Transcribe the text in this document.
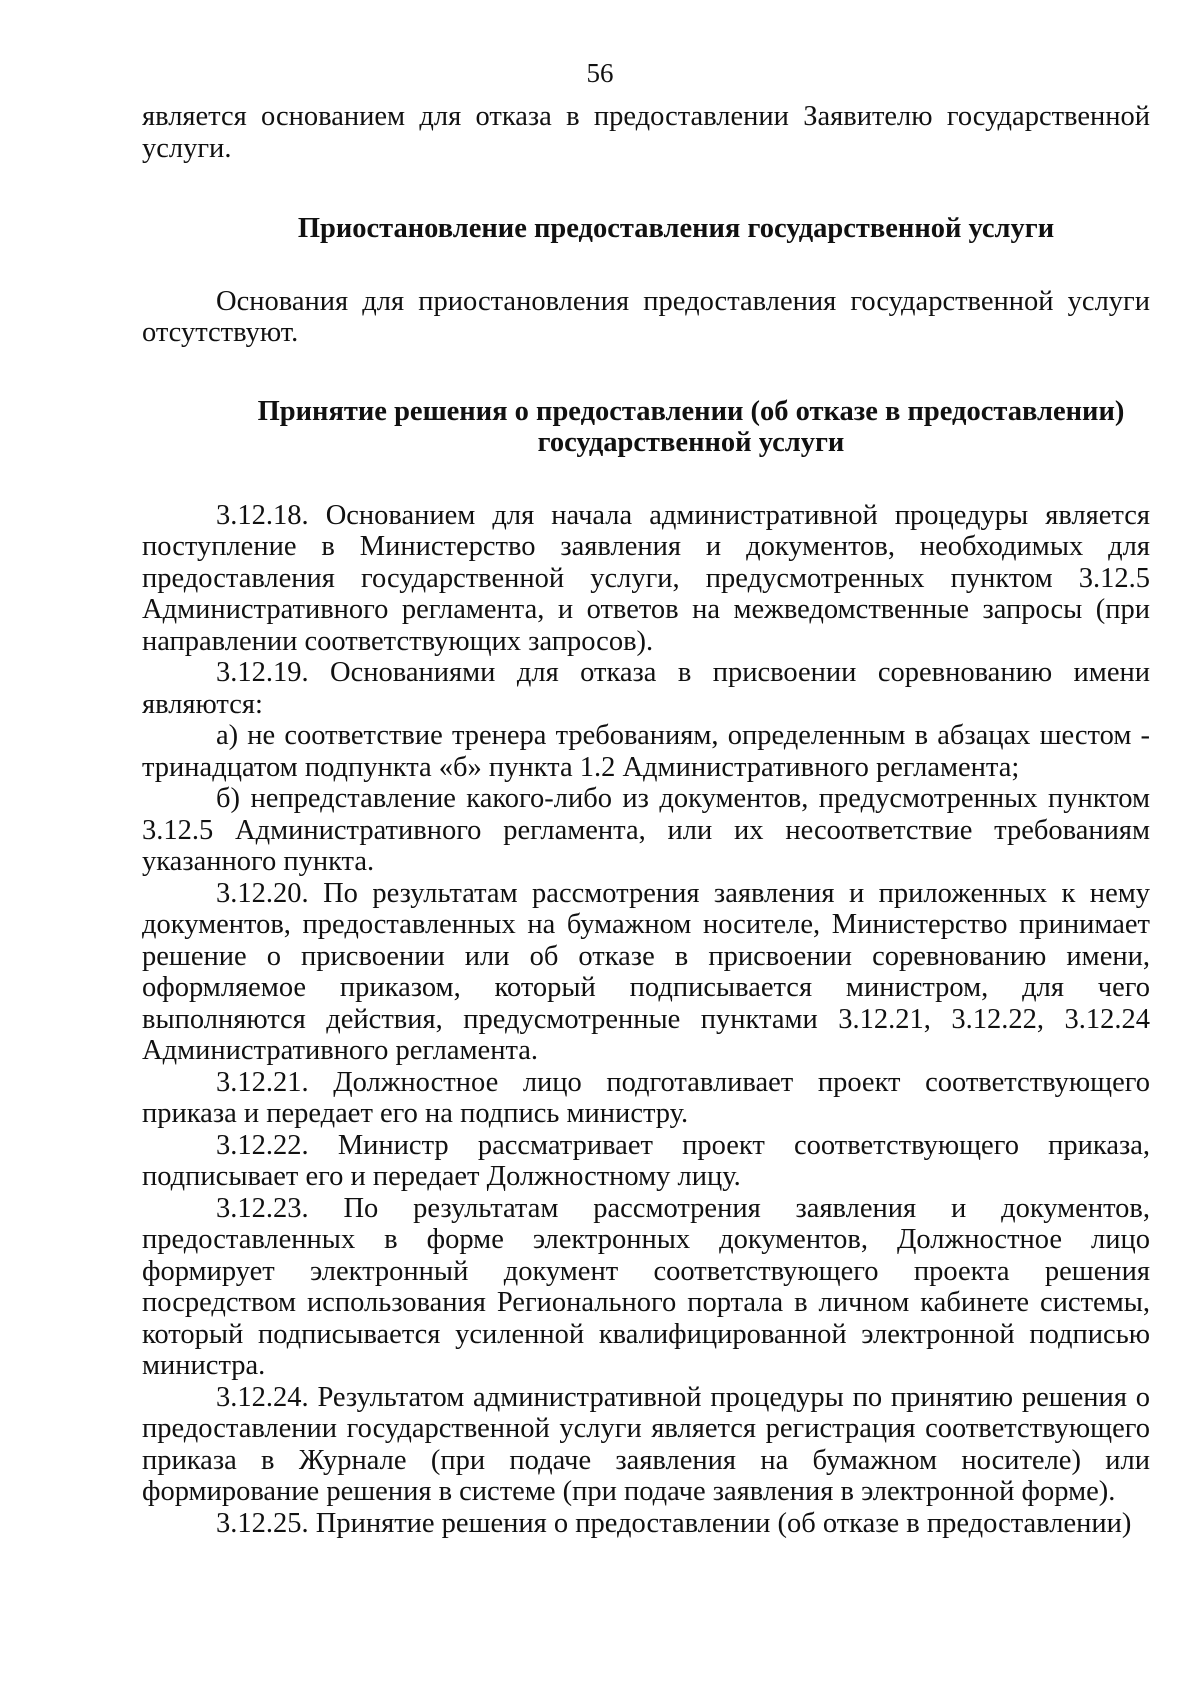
56

является основанием для отказа в предоставлении Заявителю государственной услуги.

Приостановление предоставления государственной услуги

Основания для приостановления предоставления государственной услуги отсутствуют.

Принятие решения о предоставлении (об отказе в предоставлении)
государственной услуги

3.12.18. Основанием для начала административной процедуры является поступление в Министерство заявления и документов, необходимых для предоставления государственной услуги, предусмотренных пунктом 3.12.5 Административного регламента, и ответов на межведомственные запросы (при направлении соответствующих запросов).

3.12.19. Основаниями для отказа в присвоении соревнованию имени являются:

а) не соответствие тренера требованиям, определенным в абзацах шестом - тринадцатом подпункта «б» пункта 1.2 Административного регламента;

б) непредставление какого-либо из документов, предусмотренных пунктом 3.12.5 Административного регламента, или их несоответствие требованиям указанного пункта.

3.12.20. По результатам рассмотрения заявления и приложенных к нему документов, предоставленных на бумажном носителе, Министерство принимает решение о присвоении или об отказе в присвоении соревнованию имени, оформляемое приказом, который подписывается министром, для чего выполняются действия, предусмотренные пунктами 3.12.21, 3.12.22, 3.12.24 Административного регламента.

3.12.21. Должностное лицо подготавливает проект соответствующего приказа и передает его на подпись министру.

3.12.22. Министр рассматривает проект соответствующего приказа, подписывает его и передает Должностному лицу.

3.12.23. По результатам рассмотрения заявления и документов, предоставленных в форме электронных документов, Должностное лицо формирует электронный документ соответствующего проекта решения посредством использования Регионального портала в личном кабинете системы, который подписывается усиленной квалифицированной электронной подписью министра.

3.12.24. Результатом административной процедуры по принятию решения о предоставлении государственной услуги является регистрация соответствующего приказа в Журнале (при подаче заявления на бумажном носителе) или формирование решения в системе (при подаче заявления в электронной форме).

3.12.25. Принятие решения о предоставлении (об отказе в предоставлении)
